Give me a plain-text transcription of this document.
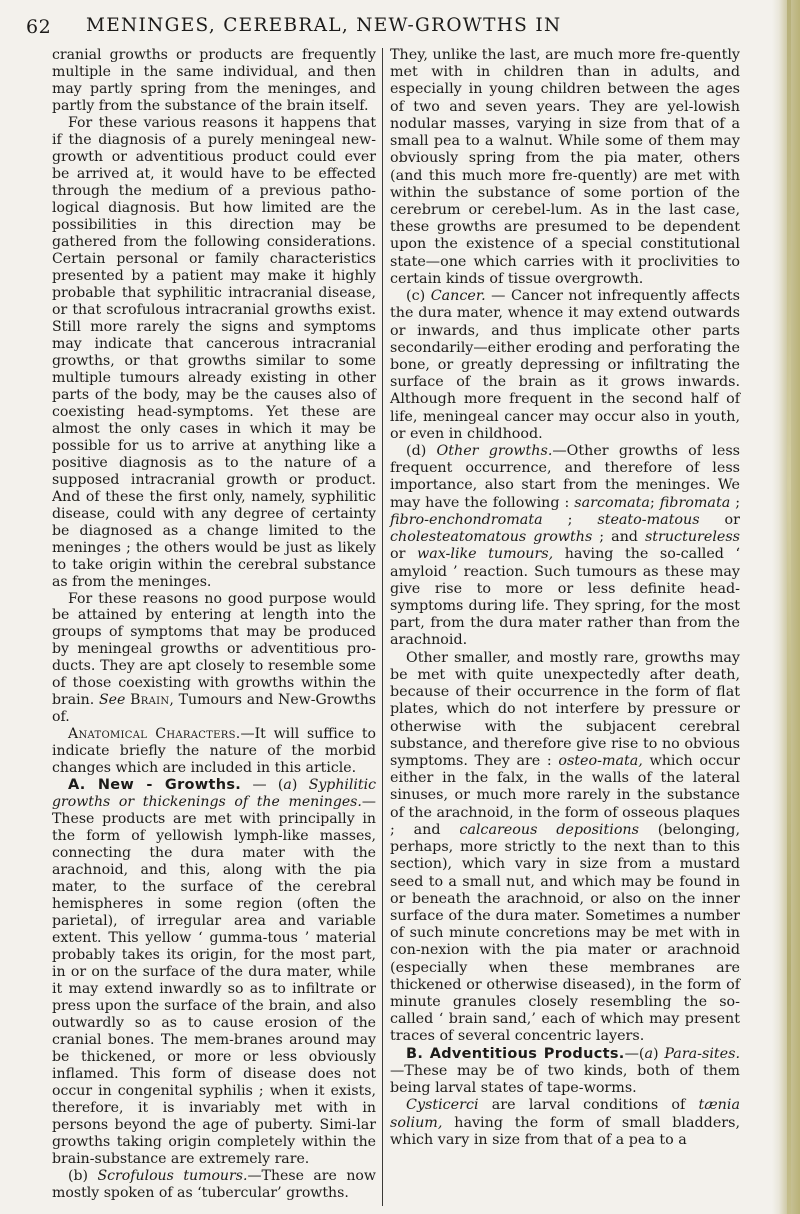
62 MENINGES, CEREBRAL, NEW-GROWTHS IN

cranial growths or products are frequently multiple in the same individual, and then may partly spring from the meninges, and partly from the substance of the brain itself.

For these various reasons it happens that if the diagnosis of a purely meningeal new-growth or adventitious product could ever be arrived at, it would have to be effected through the medium of a previous patho-logical diagnosis. But how limited are the possibilities in this direction may be gathered from the following considerations. Certain personal or family characteristics presented by a patient may make it highly probable that syphilitic intracranial disease, or that scrofulous intracranial growths exist. Still more rarely the signs and symptoms may indicate that cancerous intracranial growths, or that growths similar to some multiple tumours already existing in other parts of the body, may be the causes also of coexisting head-symptoms. Yet these are almost the only cases in which it may be possible for us to arrive at anything like a positive diagnosis as to the nature of a supposed intracranial growth or product. And of these the first only, namely, syphilitic disease, could with any degree of certainty be diagnosed as a change limited to the meninges ; the others would be just as likely to take origin within the cerebral substance as from the meninges.

For these reasons no good purpose would be attained by entering at length into the groups of symptoms that may be produced by meningeal growths or adventitious pro-ducts. They are apt closely to resemble some of those coexisting with growths within the brain. See Brain, Tumours and New-Growths of.

Anatomical Characters.—It will suffice to indicate briefly the nature of the morbid changes which are included in this article.

A. New - Growths. — (a) Syphilitic growths or thickenings of the meninges.— These products are met with principally in the form of yellowish lymph-like masses, connecting the dura mater with the arachnoid, and this, along with the pia mater, to the surface of the cerebral hemispheres in some region (often the parietal), of irregular area and variable extent. This yellow ‘ gumma-tous ’ material probably takes its origin, for the most part, in or on the surface of the dura mater, while it may extend inwardly so as to infiltrate or press upon the surface of the brain, and also outwardly so as to cause erosion of the cranial bones. The mem-branes around may be thickened, or more or less obviously inflamed. This form of disease does not occur in congenital syphilis ; when it exists, therefore, it is invariably met with in persons beyond the age of puberty. Simi-lar growths taking origin completely within the brain-substance are extremely rare.

(b) Scrofulous tumours.—These are now mostly spoken of as ‘tubercular’ growths.

They, unlike the last, are much more fre-quently met with in children than in adults, and especially in young children between the ages of two and seven years. They are yel-lowish nodular masses, varying in size from that of a small pea to a walnut. While some of them may obviously spring from the pia mater, others (and this much more fre-quently) are met with within the substance of some portion of the cerebrum or cerebel-lum. As in the last case, these growths are presumed to be dependent upon the existence of a special constitutional state—one which carries with it proclivities to certain kinds of tissue overgrowth.

(c) Cancer. — Cancer not infrequently affects the dura mater, whence it may extend outwards or inwards, and thus implicate other parts secondarily—either eroding and perforating the bone, or greatly depressing or infiltrating the surface of the brain as it grows inwards. Although more frequent in the second half of life, meningeal cancer may occur also in youth, or even in childhood.

(d) Other growths.—Other growths of less frequent occurrence, and therefore of less importance, also start from the meninges. We may have the following : sarcomata; fibromata ; fibro-enchondromata ; steato-matous or cholesteatomatous growths ; and structureless or wax-like tumours, having the so-called ‘ amyloid ’ reaction. Such tumours as these may give rise to more or less definite head-symptoms during life. They spring, for the most part, from the dura mater rather than from the arachnoid.

Other smaller, and mostly rare, growths may be met with quite unexpectedly after death, because of their occurrence in the form of flat plates, which do not interfere by pressure or otherwise with the subjacent cerebral substance, and therefore give rise to no obvious symptoms. They are : osteo-mata, which occur either in the falx, in the walls of the lateral sinuses, or much more rarely in the substance of the arachnoid, in the form of osseous plaques ; and calcareous depositions (belonging, perhaps, more strictly to the next than to this section), which vary in size from a mustard seed to a small nut, and which may be found in or beneath the arachnoid, or also on the inner surface of the dura mater. Sometimes a number of such minute concretions may be met with in con-nexion with the pia mater or arachnoid (especially when these membranes are thickened or otherwise diseased), in the form of minute granules closely resembling the so-called ‘ brain sand,’ each of which may present traces of several concentric layers.

B. Adventitious Products.—(a) Para-sites.—These may be of two kinds, both of them being larval states of tape-worms.

Cysticerci are larval conditions of tænia solium, having the form of small bladders, which vary in size from that of a pea to a
